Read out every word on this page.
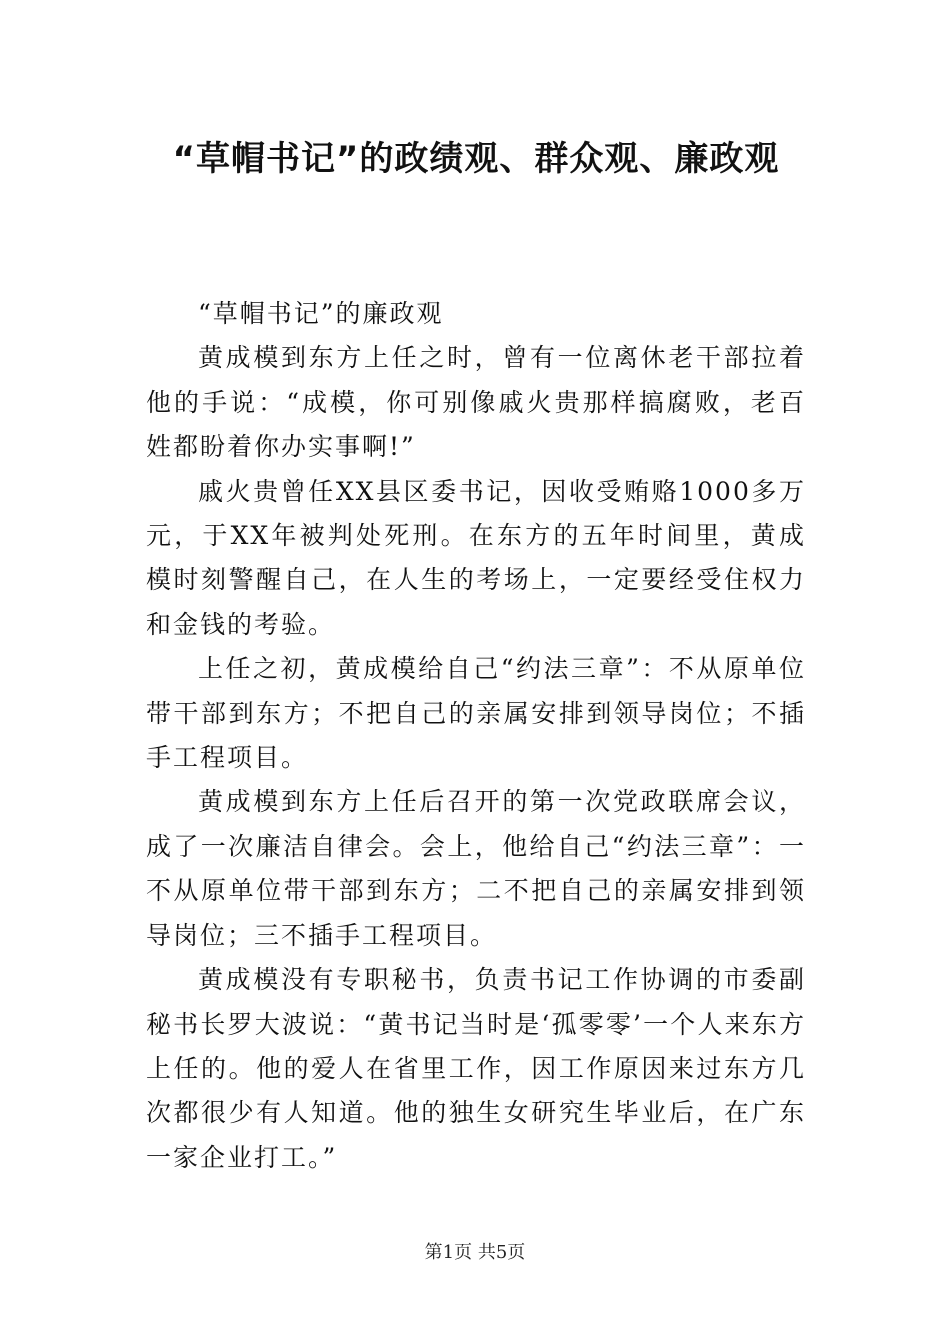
“草帽书记”的政绩观、群众观、廉政观

“草帽书记”的廉政观

黄成模到东方上任之时，曾有一位离休老干部拉着他的手说：“成模，你可别像戚火贵那样搞腐败，老百姓都盼着你办实事啊!”

戚火贵曾任XX县区委书记，因收受贿赂1000多万元，于XX年被判处死刑。在东方的五年时间里，黄成模时刻警醒自己，在人生的考场上，一定要经受住权力和金钱的考验。

上任之初，黄成模给自己“约法三章”：不从原单位带干部到东方；不把自己的亲属安排到领导岗位；不插手工程项目。

黄成模到东方上任后召开的第一次党政联席会议，成了一次廉洁自律会。会上，他给自己“约法三章”：一不从原单位带干部到东方；二不把自己的亲属安排到领导岗位；三不插手工程项目。

黄成模没有专职秘书，负责书记工作协调的市委副秘书长罗大波说：“黄书记当时是‘孤零零’一个人来东方上任的。他的爱人在省里工作，因工作原因来过东方几次都很少有人知道。他的独生女研究生毕业后，在广东一家企业打工。”

第1页 共5页
